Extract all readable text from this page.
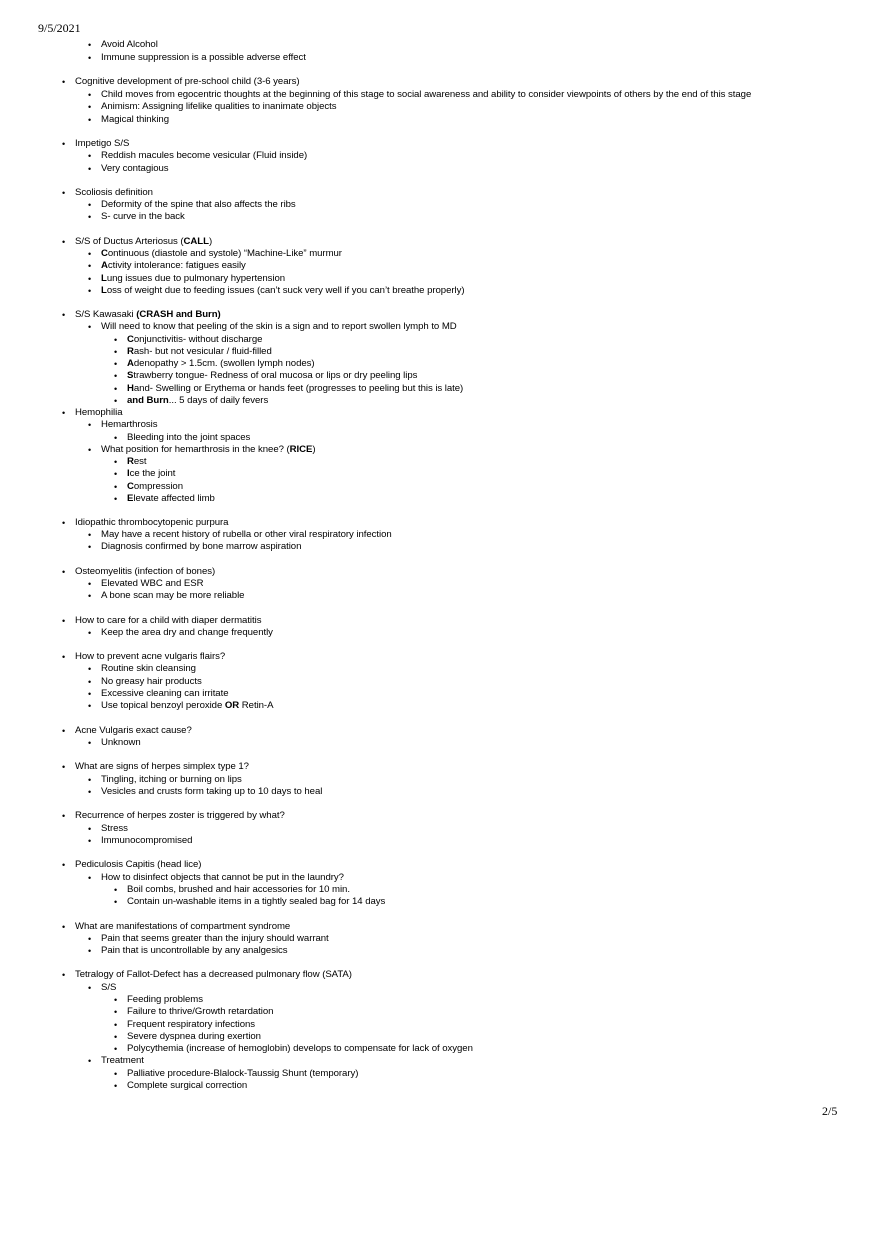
9/5/2021
• Avoid Alcohol
• Immune suppression is a possible adverse effect
• Cognitive development of pre-school child (3-6 years)
• Child moves from egocentric thoughts at the beginning of this stage to social awareness and ability to consider viewpoints of others by the end of this stage
• Animism: Assigning lifelike qualities to inanimate objects
• Magical thinking
• Impetigo S/S
• Reddish macules become vesicular (Fluid inside)
• Very contagious
• Scoliosis definition
• Deformity of the spine that also affects the ribs
• S- curve in the back
• S/S of Ductus Arteriosus (CALL)
• Continuous (diastole and systole) “Machine-Like” murmur
• Activity intolerance: fatigues easily
• Lung issues due to pulmonary hypertension
• Loss of weight due to feeding issues (can’t suck very well if you can’t breathe properly)
• S/S Kawasaki (CRASH and Burn)
• Will need to know that peeling of the skin is a sign and to report swollen lymph to MD
• Conjunctivitis- without discharge
• Rash- but not vesicular / fluid-filled
• Adenopathy > 1.5cm. (swollen lymph nodes)
• Strawberry tongue- Redness of oral mucosa or lips or dry peeling lips
• Hand- Swelling or Erythema or hands feet (progresses to peeling but this is late)
• and Burn... 5 days of daily fevers
• Hemophilia
• Hemarthrosis
• Bleeding into the joint spaces
• What position for hemarthrosis in the knee? (RICE)
• Rest
• Ice the joint
• Compression
• Elevate affected limb
• Idiopathic thrombocytopenic purpura
• May have a recent history of rubella or other viral respiratory infection
• Diagnosis confirmed by bone marrow aspiration
• Osteomyelitis (infection of bones)
• Elevated WBC and ESR
• A bone scan may be more reliable
• How to care for a child with diaper dermatitis
• Keep the area dry and change frequently
• How to prevent acne vulgaris flairs?
• Routine skin cleansing
• No greasy hair products
• Excessive cleaning can irritate
• Use topical benzoyl peroxide OR Retin-A
• Acne Vulgaris exact cause?
• Unknown
• What are signs of herpes simplex type 1?
• Tingling, itching or burning on lips
• Vesicles and crusts form taking up to 10 days to heal
• Recurrence of herpes zoster is triggered by what?
• Stress
• Immunocompromised
• Pediculosis Capitis (head lice)
• How to disinfect objects that cannot be put in the laundry?
• Boil combs, brushed and hair accessories for 10 min.
• Contain un-washable items in a tightly sealed bag for 14 days
• What are manifestations of compartment syndrome
• Pain that seems greater than the injury should warrant
• Pain that is uncontrollable by any analgesics
• Tetralogy of Fallot-Defect has a decreased pulmonary flow (SATA)
• S/S
• Feeding problems
• Failure to thrive/Growth retardation
• Frequent respiratory infections
• Severe dyspnea during exertion
• Polycythemia (increase of hemoglobin) develops to compensate for lack of oxygen
• Treatment
• Palliative procedure-Blalock-Taussig Shunt (temporary)
• Complete surgical correction
2/5
